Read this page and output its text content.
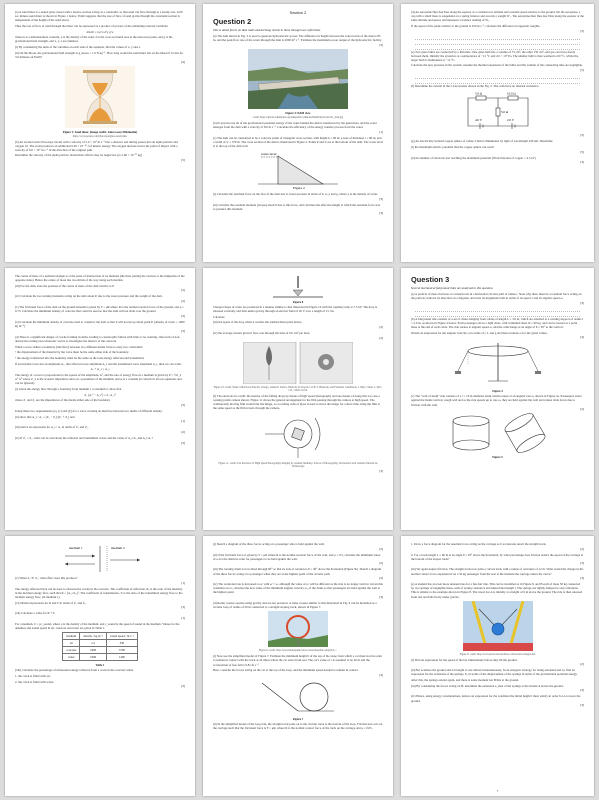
(a) A sand timer is a sealed glass vessel with a narrow section acting as a constraint, so that sand can flow through at a steady rate. A 60 sec minute sand timer is shown in Figure 1 below. Tidzil suggests that the rate of flow of sand grains through the constraint section is independent of the height of the sand above.

Thus the rate of flow of sand through the timer can be expressed as a product of powers of the remaining relevant variables:

dm/dt = k ρ^x d^y g^z

where k is a dimensionless constant, ρ is the density of the sand, d is the cross sectional area at the narrowest point, and g is the gravitational field strength, and x, y, z are numbers.

(i) By considering the units of the variables on each side of the equation, find the values of x, y and z.

(ii) On the Moon, the gravitational field strength is g_moon = 1.6 N kg⁻¹. How long would the sand timer last on the Moon if it runs for 3.0 minutes on Earth?

[4]

Figure 1: Sand timer. (image credit: John Lacey/Wikimedia)

https://www.pexels.com/photo/hourglass-sand-timer

(b) An excited atom 20 isotope travels with a velocity of 5.0 × 10⁶ m s⁻¹ into a detector and during passes into an alpha particle and oxygen 16. The event produces an additional 9.36 × 10⁻¹³ J of kinetic energy. The oxygen nucleus leaves the point of impact with a velocity of 6.0 × 10⁶ m s⁻¹ in the direction of the original path.

Determine the velocity of the alpha particle. Relativistic effects may be neglected. (u=1.66 × 10⁻²⁷ kg)

[5]

Section 2

Question 2

This is about forces on dam walls and deriving results in these through new reflections.

(a) The dam shown in Fig. 3 is used to generate hydroelectric power. The difference in height between the water levels of the dam is 85 m, and the peak flow rate of the water through the dam is 2000 m³ s⁻¹. Estimate the maximum power output of the hydroelectric facility.

[3]

Figure 3: DAM view

credit: https://upload.wikimedia.org/wikipedia/commons/thumb/hydroelectric_dam.jpg

(b) In practice not all of the gravitational potential energy of the water behind the dam is transferred by the generators, and the water emerges from the dam with a velocity of 8.0 m s⁻¹. Calculate the efficiency of the energy transfer process from the water.

[1]

(c) The dam can be considered to be a concrete prism of triangular cross section, with height h = 90 m, a base of thickness t = 80 m, and a width of w = 370 m. The cross section of the dam is illustrated in Figure 2. Points P and Z are at the bottom of the dam. The water level is at the top of the dam wall.

water level
Figure 2

(i) Calculate the resultant force on the face of the dam due to water pressure in terms of h, w, ρ and g, where ρ is the density of water.

[3]

(ii) Calculate the resultant moment (torque) about P due to this force, and calculate the effective height at which the resultant force acts to produce this moment.

[3]

(d) An aeroplane flies due East along the equator at a constant low altitude and constant speed relative to the ground. On the aeroplane, a cup with a small mass is suspended on a spring balance and records a weight W₁. The aeroplane then flies due West along the equator at the same altitude and speed, and measures a balance reading of W₂.

If the speed of the plane relative to the ground is 250 m s⁻¹, calculate the difference in apparent weights.

[5]

(e) Two glass bulbs are connected by a thin tube. One glass bulb has a volume of 75 cm³, the other 150 cm³, and gas can move freely between them. Initially the system is at a temperature of −12 °C and 2.6 × 10⁵ Pa. The smaller bulb is then warmed to 60 °C, whilst the larger bulb is maintained at −12 °C.

Calculate the new pressure in the system. Assume the thermal expansion of the bulbs and the volume of the connecting tube are negligible.

[5]

(f) Determine the current in the 5.0 Ω resistor shown in the Fig. 5. The cells have no internal resistance.

5.0 Ω	10.0 Ω
5.0 Ω
4.0 V	2.0 V

[5]

(g) An electrically isolated copper sphere of radius 2 mm is illuminated by light of wavelength 220 nm. Determine

(i) the maximum electric potential that the copper sphere can reach

[5]

(ii) the number of electrons lost reaching the maximum potential (Work function of copper = 4.5 eV)

[3]

The centre of mass of a uniform triangle is at the point of intersection of its medians (the lines joining the vertices to the midpoints of the opposite sides). Hence the centre of mass lies two-thirds of the way along each median.

(iii) For the dam, state the position of the centre of mass of the dam relative to P.

[2]

(iv) Calculate the two turning moments acting on the dam about P, due to the water pressure and the weight of the dam.

[2]

(v) The frictional force of the dam on the ground beneath is given by F = μR where R is the normal reaction force of the ground, and μ = 0.75. Calculate the minimum density of concrete that could be used so that the dam will not slide over the ground.

[3]

(vi) Calculate the minimum density of concrete used to construct the dam so that it will not tip up about point P. (density of water = 1000 kg m⁻³)

[3]

(d) There is a significant danger of cracks forming in dams, leading to catastrophic failure with little or no warning. One form of non-destructive testing uses ultrasonic waves to investigate the interior of the concrete.

When a wave strikes a boundary (interface) between two different media it has to obey two constraints:

• the displacement of the material by the wave must be the same either side of the boundary.

• the energy transferred into the boundary must be the same as the total energy reflected and transmitted.

If an incident wave has an amplitude A₁, the reflected wave amplitude A_r and the transmitted wave amplitude A_t, then we can write:

A₁ + A_r = A_t

The energy of a wave is proportional to the square of the amplitude, A², and the rate of energy flow in a medium is given by P = ½Z_x ω² A² where Z_x is the acoustic impedance and ω is a parameter of the medium, and ω is a constant (it cancels in all our equations and can be ignored).

(i) Given the energy flow through a boundary from medium 1 to medium 2, show that

Z₁ (A₁² − A_r²) = Z₂ A_t²

where Z₁ and Z₂ are the impedances of the media either side of the boundary.

[3]

Using these two requirements (eq. (1) and (2)) for a wave crossing an interface between two media of different density,

(ii) show that A_r / A₁ = (Z₁ − Z₂)/(Z₁ + Z₂) and

[1]

(iii) derive an expression for A_t / A₁ in terms of Z₁ and Z₂.

[2]

(iv) If Z₁ = Z₂, what can be said about the reflected and transmitted waves and the value of A_r/A₁ and A_t/A₁?

[3]

Figure 8

Charged drops of water are produced in a manner similar to that illustrated in Figure 10 with the capillary tube at 7.5 kV. The drop is released vertically and falls under gravity through an electric field of 20 V over a length of 15 cm.

Calculate

(iii) the speed of the drop when it reaches the earthed metal plate below.

[2]

(iv) the average current given it flow rate through the tube of 0.6 cm³ per hour

[2]

Figure 10: credit: Water with Excess Electric Charge, Jeanne P. Santos, Telma R. D. Ducati, Lia B. S. Balestrin, and Fernando Galembeck, J. Phys. Chem. C 2011, 115, 11226-11232.

(f) The electrons in a bulb: the interior of the falling drops by means of high speed photography and one means of doing this is to use a rotating prism camera shown. Figure 11 shows the general arrangement for the film passing through the camera at high speed. The continuously moving film would blur the image, so a rotating cube of glass is used to move the image for a short time along the film at the same speed as the film travels through the camera.

Figure 11: credit: Use Precision of High Speed Photography Imaging by Arabian Sheibkay, School of Photography, Université Laval, Institut National de Technologie

[3]

Question 3

Several mechanical fairground rides are analysed in this question.

(a) A particle of mass m moves at constant rate in a horizontal circular path of radius r. State why there must be a resultant force acting on the particle; indicate its direction on a diagram, and state its magnitude both in terms of its speed v and its angular speed ω.

[3]

(b) A fairground ride consists of a set of chairs hanging from cables of length L = 3.0 m, which are attached to a rotating support of radius r = 2.0 m, as shown in Figure 4 below. Each passenger sits in a light chair, with combined mass m = 60 kg, and can be treated as a point mass at the end of each cable. The ride rotates at angular speed ω, and the cable hangs at an angle of θ = 30° to the vertical.

Obtain an expression for the angular velocity ω in terms of r, L and g and then evaluate ω for the given values.

[4]

Figure 4

(c) The "wall of death" ride consists of a r = 10 m diameter drum which rotates at an angular rate ω, shown in Figure 5a. Passengers stand against the inside vertical, rough wall and as the ride speeds up to rate ω, they are held against the wall and cannot slide down due to friction with the wall.

[2]

Figure 5

medium 1	medium 2

(v) When Z₂ ≫ Z₁, what effect does this produce?

[1]

The energy reflected back can be used to characterise cracks in the concrete. The coefficient of reflection, R, is the ratio of the intensity in the incident energy flow, such that R = (A_r/A₁)². The coefficient of transmission, T, is the ratio of the transmitted energy flow to the incident energy flow, (in medium 1).

(vi) Obtain expressions for R and T in terms of Z₁ and Z₂.

[3]

(vii) Calculate a value for R + T.

[1]

For a medium, Z = ρc_sound, where ρ is the density of the medium, and c_sound is the speed of sound in the medium. Values for the densities and sound speed in air, concrete and water are given in Table 1.

medium	density / kg m⁻³	sound speed / m s⁻¹
air	1.2	330
concrete	2400	3700
water	1000	1400

Table 1

(viii) Calculate the percentage of ultrasound energy reflected from a crack in the concrete when

1. the crack is filled with air,

2. the crack is filled with water.

[3]

(i) Sketch a diagram of the three forces acting on a passenger who is held against the wall.

[2]

(ii) If the frictional force is given by F = μR where R is the normal reaction force of the wall, and μ = 0.5, calculate the minimum value of ω for the drum in order for passengers to be held against the wall.

[2]

(iii) The rotating drum is now tilted through 60° so that its axis of rotation is θ = 30° above the horizontal (Figure 5b). Sketch a diagram of the three forces acting on a passenger when they are at the highest point of the circular path.

[2]

(iv) The rotational rate is increased to ω' with ω' > ω, although the value of ω' will be different as the ride is no longer vertical. Given this condition on ω', calculate the new value of the minimum angular velocity ω₃ of the drum so that passengers are held against the wall at the highest point.

[3]

(d) Roller coaster operate using gravity and are not powered. A roller coaster similar to that illustrated in Fig. 6 can be modelled as a circular loop of radius of 20 m connected to a straight sloping track, shown in Figure 7.

Figure 6: credit: http://www.themeparkreview.com/parks/photo.php?pid=...

(i) Now use the simplified model of Figure 7. Estimate the minimum height h of the top of the slope from which a car must start in order to remain in contact with the track at all times where the car starts from rest. The car's value of r is assumed to be 20 m and the acceleration of free fall is 9.81 m s⁻².

Here, consider the forces acting on the car at the top of the loop, and the minimum speed needed to remain in contact.

[3]

Figure 7

(ii) In the simplified model of the loop ride, the straight track joins on to the circular track at the bottom of the loop. Friction now acts on the carriage such that the frictional force is F = μR, where R is the normal contact force of the track on the carriage and μ = 0.05.

1. Draw a force diagram for the resultant force acting on the carriage as it accelerates down the straight track.

[2]

2. For a track length L = 60 m at an angle θ = 45° above the horizontal, by what percentage does friction reduce the speed of the carriage at the bottom of the sloped track?

[3]

(iii) We again neglect friction. The straight track now joins a curved track with a radius of curvature of 12 m. What would the change in the normal contact force experienced on a 50 kg passenger from the seat at the moment the carriage enters the curve?

[3]

(e) A student has an even more unusual idea for a fun-fair ride. This can be modelled as in Figure 8, and B each of mass 50 kg connected by two springs of negligible mass, each of spring constant k and unstretched length l. The springs are lightly damped to stop vibrations. This is similar to the example shown in Figure 8. The lower bar A is initially at a height of 6 m above the ground. The ride is then released from rest and falls freely under gravity.

Figure 8: credit: http://www.electronicsarchives.com/reverse-bungee-fun

(i) Find an expression for the speed of the bar immediately before they hit the ground.

[2]

(ii) Bar A strikes the ground and is brought to rest almost instantaneously. In an energetic strategy for being extended and so, find an expression for the extension of the springs, E, in terms of the displacement of the springs in terms of the gravitational potential energy.

After this, the springs extend again, and there is some moment bar B hits at the ground.

(iii) By considering the forces acting on B, determine the extension e_max of the springs at the instant A leaves the ground.

[3]

(iv) Hence, using energy considerations, deduce an expression for the condition the initial height l must satisfy in order for A to leave the ground.

[3]

7
